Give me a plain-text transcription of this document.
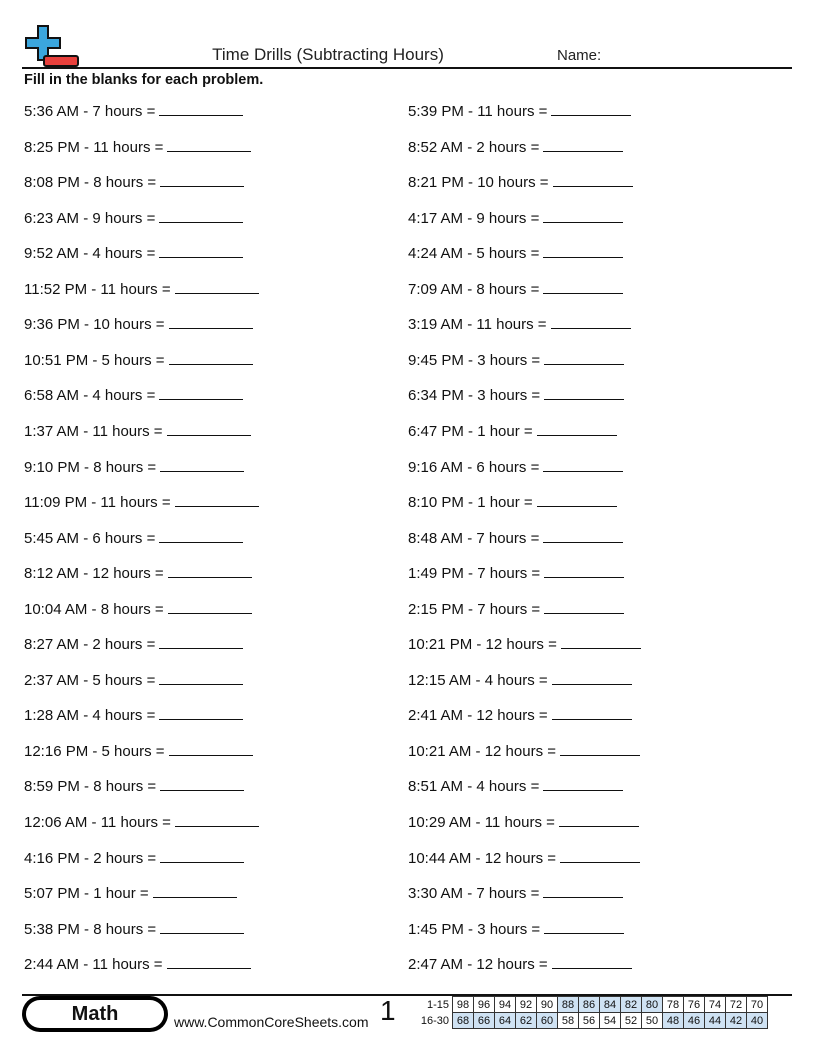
Time Drills (Subtracting Hours)	Name:
Fill in the blanks for each problem.
5:36 AM - 7 hours =
8:25 PM - 11 hours =
8:08 PM - 8 hours =
6:23 AM - 9 hours =
9:52 AM - 4 hours =
11:52 PM - 11 hours =
9:36 PM - 10 hours =
10:51 PM - 5 hours =
6:58 AM - 4 hours =
1:37 AM - 11 hours =
9:10 PM - 8 hours =
11:09 PM - 11 hours =
5:45 AM - 6 hours =
8:12 AM - 12 hours =
10:04 AM - 8 hours =
8:27 AM - 2 hours =
2:37 AM - 5 hours =
1:28 AM - 4 hours =
12:16 PM - 5 hours =
8:59 PM - 8 hours =
12:06 AM - 11 hours =
4:16 PM - 2 hours =
5:07 PM - 1 hour =
5:38 PM - 8 hours =
2:44 AM - 11 hours =
5:39 PM - 11 hours =
8:52 AM - 2 hours =
8:21 PM - 10 hours =
4:17 AM - 9 hours =
4:24 AM - 5 hours =
7:09 AM - 8 hours =
3:19 AM - 11 hours =
9:45 PM - 3 hours =
6:34 PM - 3 hours =
6:47 PM - 1 hour =
9:16 AM - 6 hours =
8:10 PM - 1 hour =
8:48 AM - 7 hours =
1:49 PM - 7 hours =
2:15 PM - 7 hours =
10:21 PM - 12 hours =
12:15 AM - 4 hours =
2:41 AM - 12 hours =
10:21 AM - 12 hours =
8:51 AM - 4 hours =
10:29 AM - 11 hours =
10:44 AM - 12 hours =
3:30 AM - 7 hours =
1:45 PM - 3 hours =
2:47 AM - 12 hours =
Math	www.CommonCoreSheets.com 1	1-15	98	96	94	92	90	88	86	84	82	80	78	76	74	72	70
16-30	68	66	64	62	60	58	56	54	52	50	48	46	44	42	40
